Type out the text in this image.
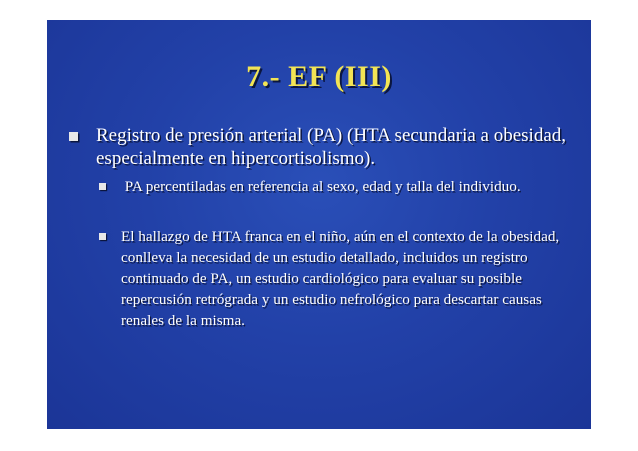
7.- EF (III)
Registro de presión arterial (PA) (HTA secundaria a obesidad, especialmente en hipercortisolismo).
PA percentiladas en referencia al sexo, edad y talla del individuo.
El hallazgo de HTA franca en el niño, aún en el contexto de la obesidad, conlleva la necesidad de un estudio detallado, incluidos un registro continuado de PA, un estudio cardiológico para evaluar su posible repercusión retrógrada y un estudio nefrológico para descartar causas renales de la misma.
